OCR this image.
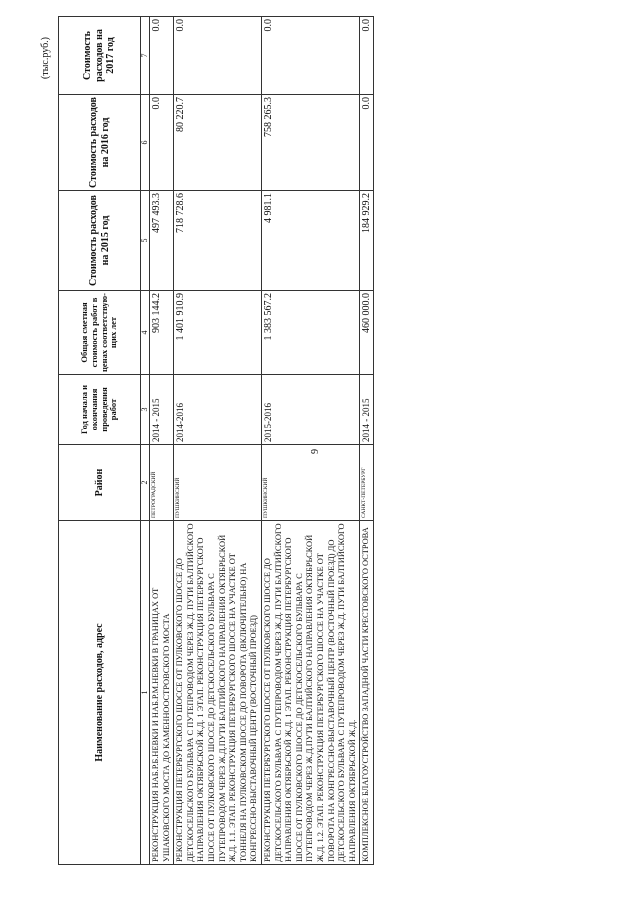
9
(тыс.руб.)
Наименование расходов, адрес	Район	Год начала и окончания проведения работ	Общая сметная стоимость работ в ценах соответствую-щих лет	Стоимость расходов на 2015 год	Стоимость расходов на 2016 год	Стоимость расходов на 2017 год
1	2	3	4	5	6	7
РЕКОНСТРУКЦИЯ НАБ.Р.Б.НЕВКИ И НАБ.Р.М.НЕВКИ В ГРАНИЦАХ ОТ УШАКОВСКОГО МОСТА ДО КАМЕННООСТРОВСКОГО МОСТА	ПЕТРОГРАДСКИЙ	2014 - 2015	903 144.2	497 493.3	0.0	0.0
РЕКОНСТРУКЦИЯ ПЕТЕРБУРГСКОГО ШОССЕ ОТ ПУЛКОВСКОГО ШОССЕ ДО ДЕТСКОСЕЛЬСКОГО БУЛЬВАРА С ПУТЕПРОВОДОМ ЧЕРЕЗ Ж.Д. ПУТИ БАЛТИЙСКОГО НАПРАВЛЕНИЯ ОКТЯБРЬСКОЙ Ж.Д. 1 ЭТАП. РЕКОНСТРУКЦИЯ ПЕТЕРБУРГСКОГО ШОССЕ ОТ ПУЛКОВСКОГО ШОССЕ ДО ДЕТСКОСЕЛЬСКОГО БУЛЬВАРА С ПУТЕПРОВОДОМ ЧЕРЕЗ Ж.Д.ПУТИ БАЛТИЙСКОГО НАПРАВЛЕНИЯ ОКТЯБРЬСКОЙ Ж.Д. 1.1. ЭТАП. РЕКОНСТРУКЦИЯ ПЕТЕРБУРГСКОГО ШОССЕ НА УЧАСТКЕ ОТ ТОННЕЛЯ НА ПУЛКОВСКОМ ШОССЕ ДО ПОВОРОТА (ВКЛЮЧИТЕЛЬНО) НА КОНГРЕССНО-ВЫСТАВОЧНЫЙ ЦЕНТР (ВОСТОЧНЫЙ ПРОЕЗД)	ПУШКИНСКИЙ	2014-2016	1 401 910.9	718 728.6	80 220.7	0.0
РЕКОНСТРУКЦИЯ ПЕТЕРБУРГСКОГО ШОССЕ ОТ ПУЛКОВСКОГО ШОССЕ ДО ДЕТСКОСЕЛЬСКОГО БУЛЬВАРА С ПУТЕПРОВОДОМ ЧЕРЕЗ Ж.Д. ПУТИ БАЛТИЙСКОГО НАПРАВЛЕНИЯ ОКТЯБРЬСКОЙ Ж.Д. 1 ЭТАП. РЕКОНСТРУКЦИЯ ПЕТЕРБУРГСКОГО ШОССЕ ОТ ПУЛКОВСКОГО ШОССЕ ДО ДЕТСКОСЕЛЬСКОГО БУЛЬВАРА С ПУТЕПРОВОДОМ ЧЕРЕЗ Ж.Д.ПУТИ БАЛТИЙСКОГО НАПРАВЛЕНИЯ ОКТЯБРЬСКОЙ Ж.Д. 1.2. ЭТАП. РЕКОНСТРУКЦИЯ ПЕТЕРБУРГСКОГО ШОССЕ НА УЧАСТКЕ ОТ ПОВОРОТА НА КОНГРЕССНО-ВЫСТАВОЧНЫЙ ЦЕНТР (ВОСТОЧНЫЙ ПРОЕЗД) ДО ДЕТСКОСЕЛЬСКОГО БУЛЬВАРА С ПУТЕПРОВОДОМ ЧЕРЕЗ Ж.Д. ПУТИ БАЛТИЙСКОГО НАПРАВЛЕНИЯ ОКТЯБРЬСКОЙ Ж.Д.	ПУШКИНСКИЙ	2015-2016	1 383 567.2	4 981.1	758 265.3	0.0
КОМПЛЕКСНОЕ БЛАГОУСТРОЙСТВО ЗАПАДНОЙ ЧАСТИ КРЕСТОВСКОГО ОСТРОВА	САНКТ-ПЕТЕРБУРГ	2014 - 2015	460 000.0	184 929.2	0.0	0.0
